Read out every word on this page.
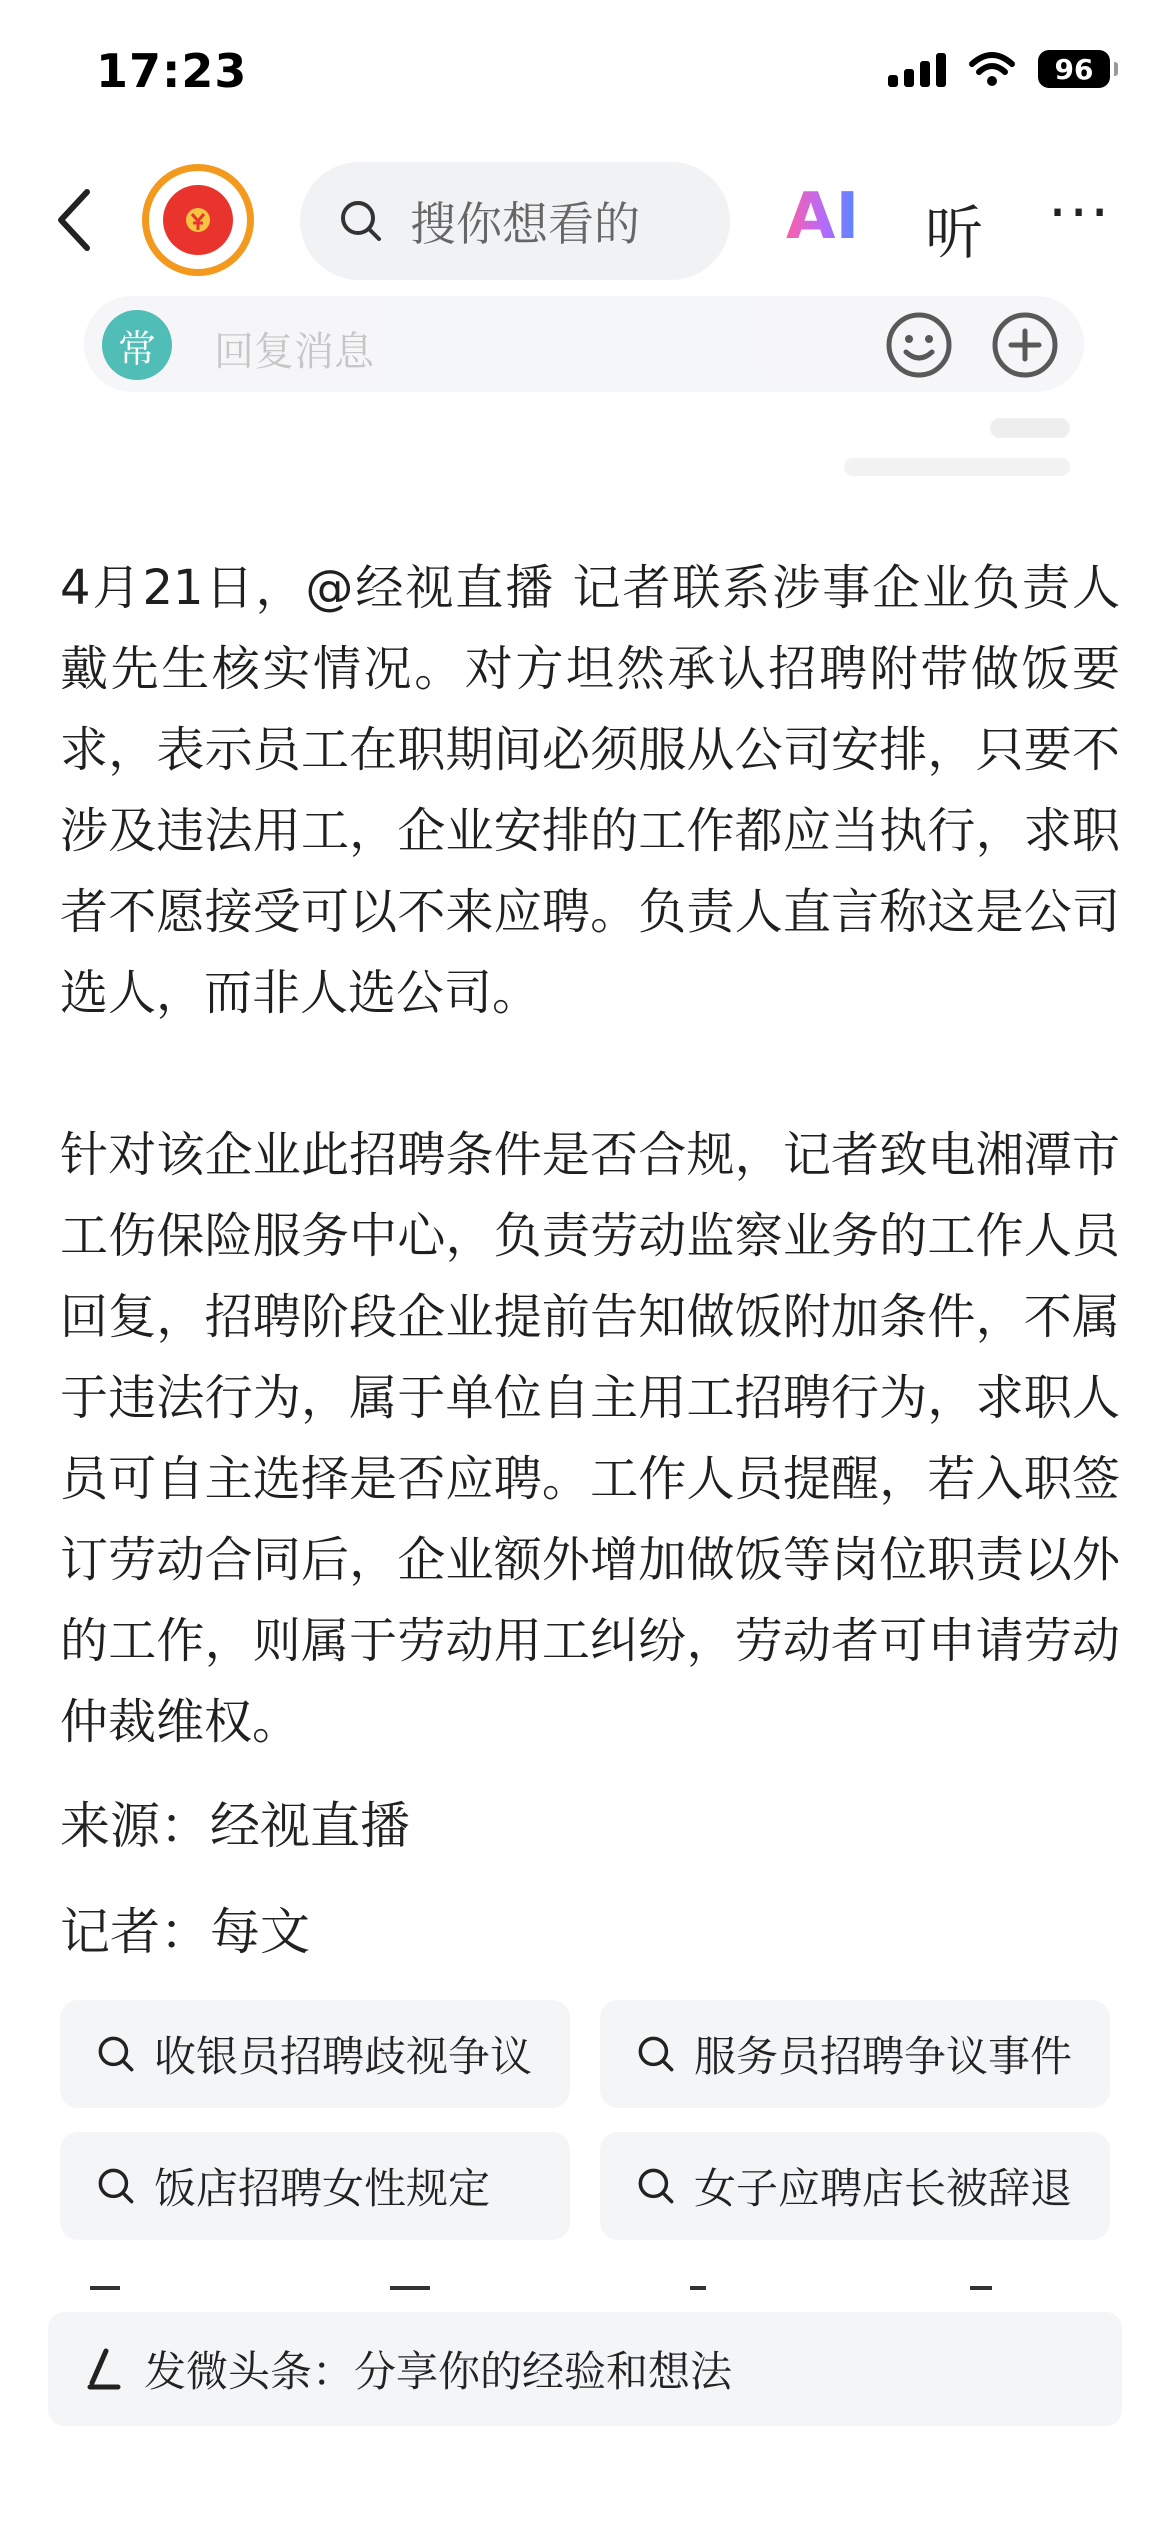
17:23	96
搜你想看的 AI 听 ···
常	回复消息

4月21日，@经视直播 记者联系涉事企业负责人戴先生核实情况。对方坦然承认招聘附带做饭要求，表示员工在职期间必须服从公司安排，只要不涉及违法用工，企业安排的工作都应当执行，求职者不愿接受可以不来应聘。负责人直言称这是公司选人，而非人选公司。

针对该企业此招聘条件是否合规，记者致电湘潭市工伤保险服务中心，负责劳动监察业务的工作人员回复，招聘阶段企业提前告知做饭附加条件，不属于违法行为，属于单位自主用工招聘行为，求职人员可自主选择是否应聘。工作人员提醒，若入职签订劳动合同后，企业额外增加做饭等岗位职责以外的工作，则属于劳动用工纠纷，劳动者可申请劳动仲裁维权。

来源：经视直播
记者：每文
收银员招聘歧视争议	服务员招聘争议事件
饭店招聘女性规定	女子应聘店长被辞退
发微头条：分享你的经验和想法
